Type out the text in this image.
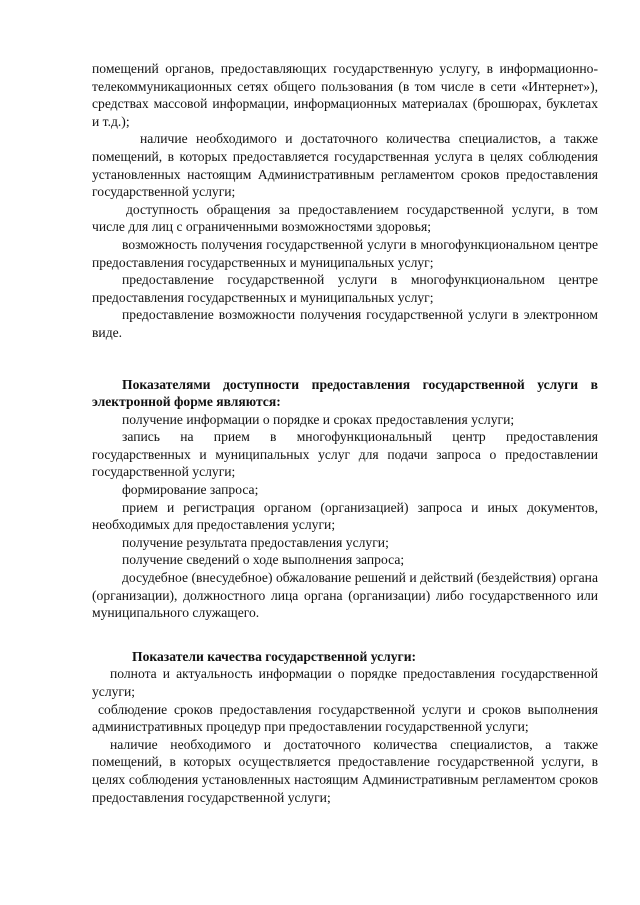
помещений органов, предоставляющих государственную услугу, в информационно-телекоммуникационных сетях общего пользования (в том числе в сети «Интернет»), средствах массовой информации, информационных материалах (брошюрах, буклетах и т.д.);

наличие необходимого и достаточного количества специалистов, а также помещений, в которых предоставляется государственная услуга в целях соблюдения установленных настоящим Административным регламентом сроков предоставления государственной услуги;

доступность обращения за предоставлением государственной услуги, в том числе для лиц с ограниченными возможностями здоровья;

возможность получения государственной услуги в многофункциональном центре предоставления государственных и муниципальных услуг;

предоставление государственной услуги в многофункциональном центре предоставления государственных и муниципальных услуг;

предоставление возможности получения государственной услуги в электронном виде.

Показателями доступности предоставления государственной услуги в электронной форме являются:

получение информации о порядке и сроках предоставления услуги;

запись на прием в многофункциональный центр предоставления государственных и муниципальных услуг для подачи запроса о предоставлении государственной услуги;

формирование запроса;

прием и регистрация органом (организацией) запроса и иных документов, необходимых для предоставления услуги;

получение результата предоставления услуги;

получение сведений о ходе выполнения запроса;

досудебное (внесудебное) обжалование решений и действий (бездействия) органа (организации), должностного лица органа (организации) либо государственного или муниципального служащего.

Показатели качества государственной услуги:

полнота и актуальность информации о порядке предоставления государственной услуги;

соблюдение сроков предоставления государственной услуги и сроков выполнения административных процедур при предоставлении государственной услуги;

наличие необходимого и достаточного количества специалистов, а также помещений, в которых осуществляется предоставление государственной услуги, в целях соблюдения установленных настоящим Административным регламентом сроков предоставления государственной услуги;
